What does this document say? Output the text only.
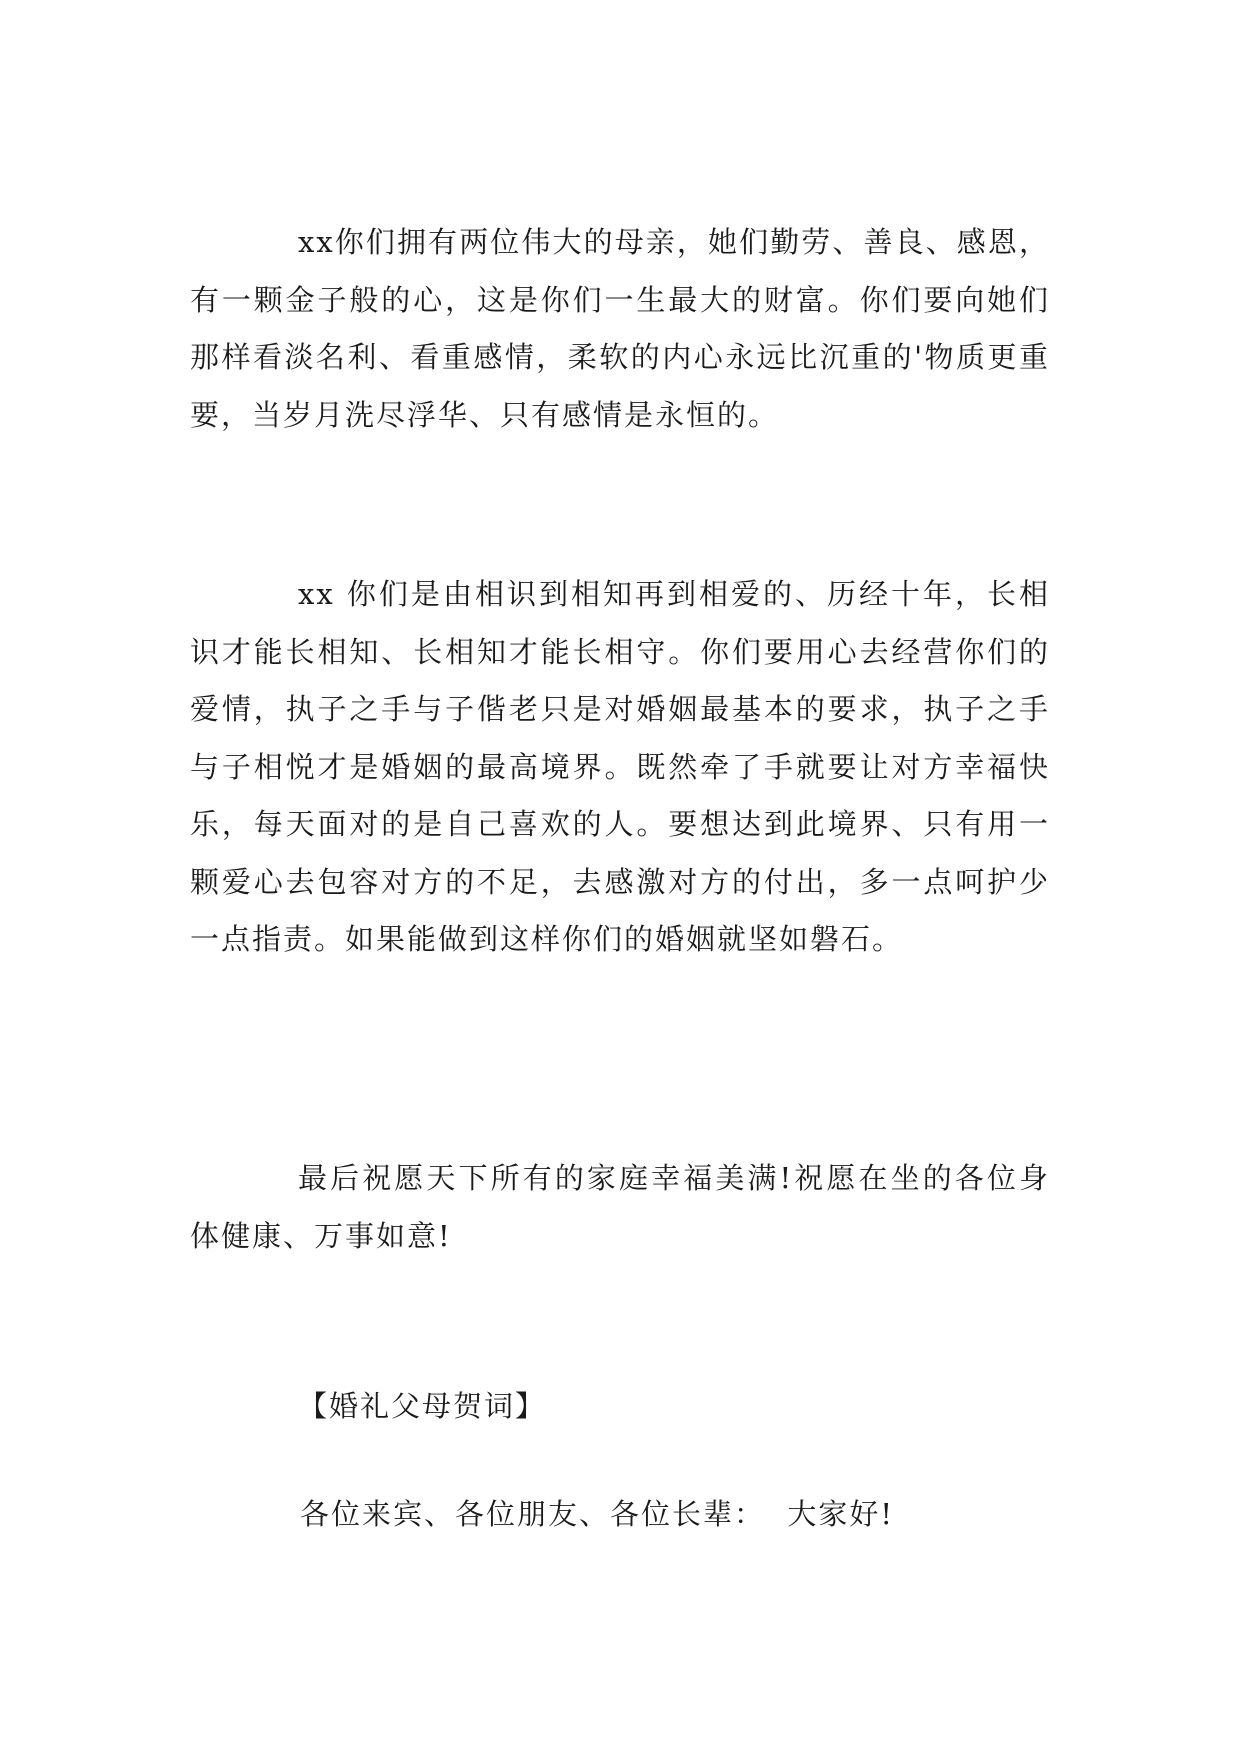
xx你们拥有两位伟大的母亲，她们勤劳、善良、感恩，有一颗金子般的心，这是你们一生最大的财富。你们要向她们那样看淡名利、看重感情，柔软的内心永远比沉重的'物质更重要，当岁月洗尽浮华、只有感情是永恒的。

xx 你们是由相识到相知再到相爱的、历经十年，长相识才能长相知、长相知才能长相守。你们要用心去经营你们的爱情，执子之手与子偕老只是对婚姻最基本的要求，执子之手与子相悦才是婚姻的最高境界。既然牵了手就要让对方幸福快乐，每天面对的是自己喜欢的人。要想达到此境界、只有用一颗爱心去包容对方的不足，去感激对方的付出，多一点呵护少一点指责。如果能做到这样你们的婚姻就坚如磐石。

最后祝愿天下所有的家庭幸福美满!祝愿在坐的各位身体健康、万事如意!

【婚礼父母贺词】

各位来宾、各位朋友、各位长辈：  大家好!
